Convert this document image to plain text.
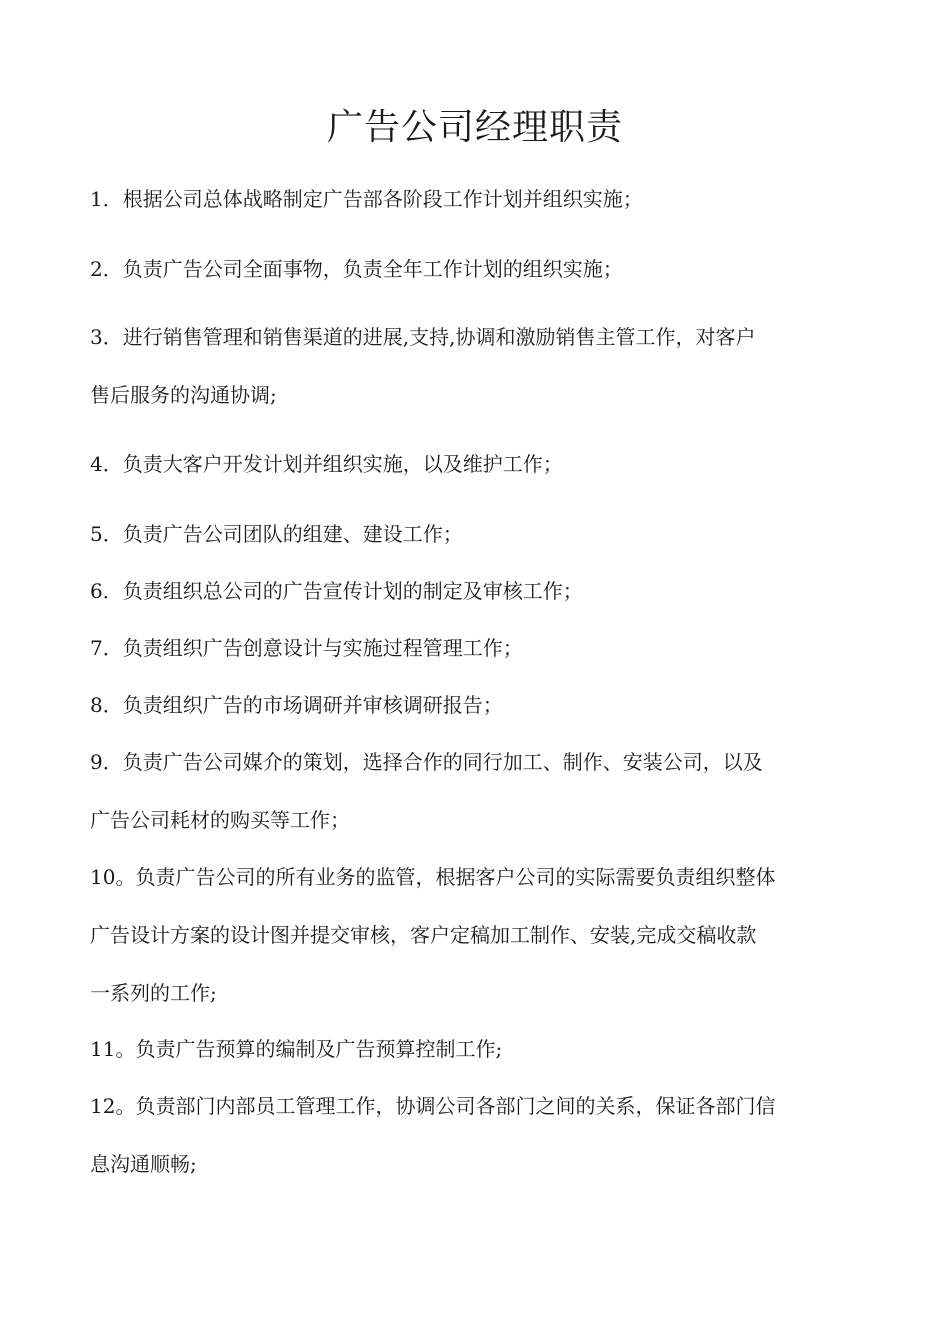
广告公司经理职责
1．根据公司总体战略制定广告部各阶段工作计划并组织实施；
2．负责广告公司全面事物，负责全年工作计划的组织实施；
3．进行销售管理和销售渠道的进展,支持,协调和激励销售主管工作，对客户
售后服务的沟通协调;
4．负责大客户开发计划并组织实施，以及维护工作；
5．负责广告公司团队的组建、建设工作；
6．负责组织总公司的广告宣传计划的制定及审核工作；
7．负责组织广告创意设计与实施过程管理工作；
8．负责组织广告的市场调研并审核调研报告；
9．负责广告公司媒介的策划，选择合作的同行加工、制作、安装公司，以及
广告公司耗材的购买等工作；
10。负责广告公司的所有业务的监管，根据客户公司的实际需要负责组织整体
广告设计方案的设计图并提交审核，客户定稿加工制作、安装,完成交稿收款
一系列的工作;
11。负责广告预算的编制及广告预算控制工作;
12。负责部门内部员工管理工作，协调公司各部门之间的关系，保证各部门信
息沟通顺畅;
